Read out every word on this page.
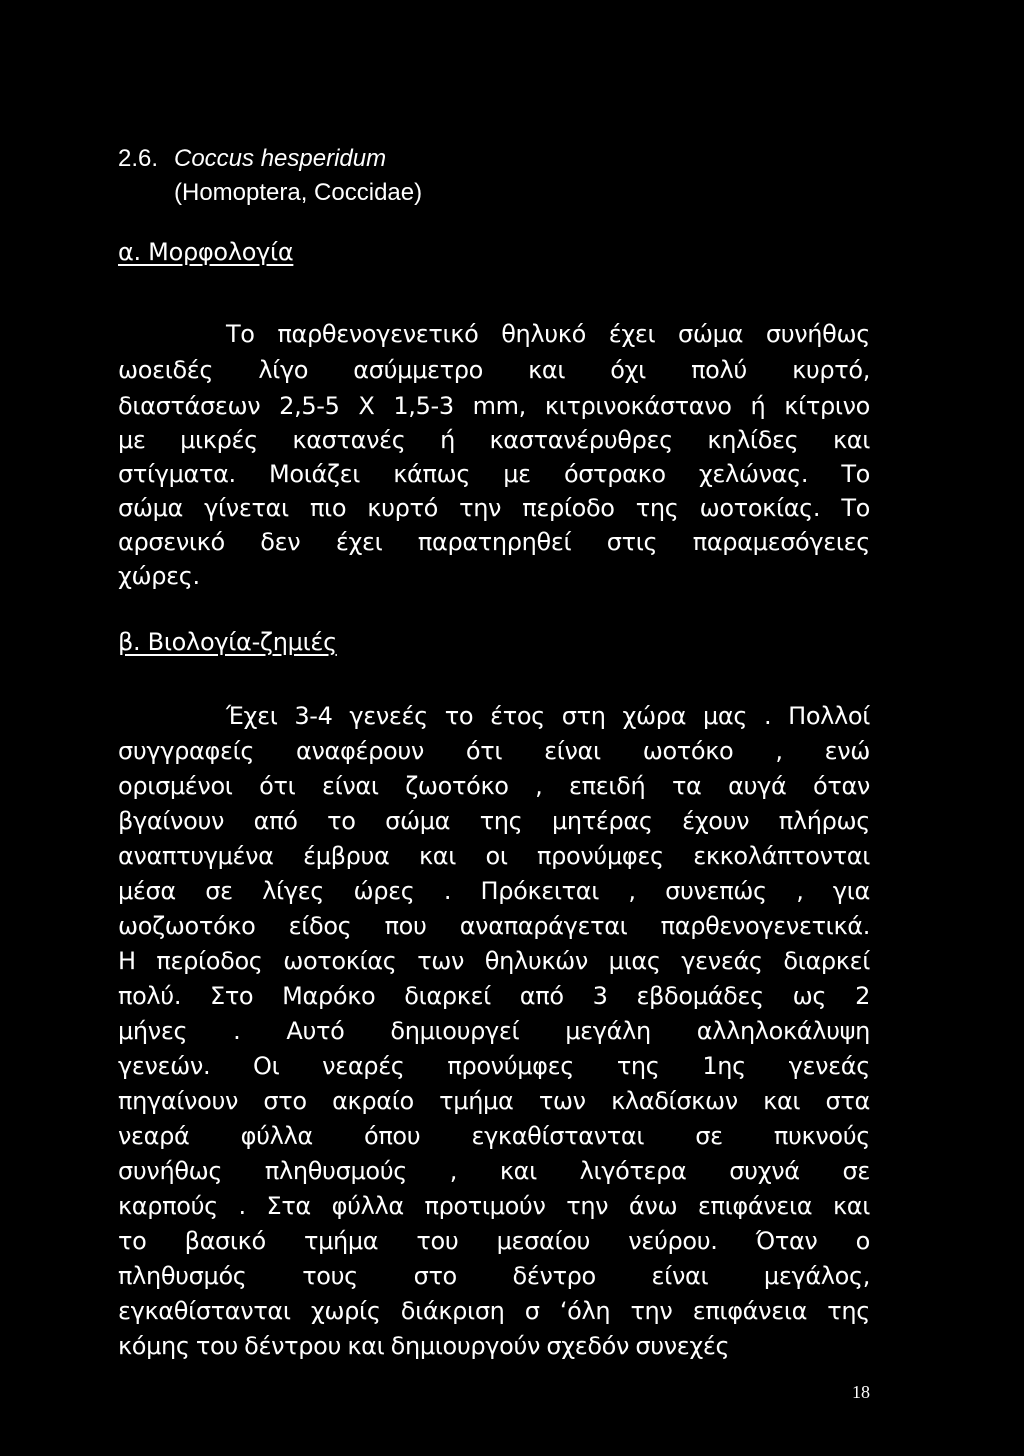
2.6. Coccus hesperidum
(Homoptera, Coccidae)
α. Μορφολογία
Το παρθενογενετικό θηλυκό έχει σώμα συνήθως
ωοειδές λίγο ασύμμετρο και όχι πολύ κυρτό,
διαστάσεων 2,5-5 Χ 1,5-3 mm, κιτρινοκάστανο ή κίτρινο
με μικρές καστανές ή καστανέρυθρες κηλίδες και
στίγματα. Μοιάζει κάπως με όστρακο χελώνας. Το
σώμα γίνεται πιο κυρτό την περίοδο της ωοτοκίας. Το
αρσενικό δεν έχει παρατηρηθεί στις παραμεσόγειες
χώρες.
β. Βιολογία-ζημιές
Έχει 3-4 γενεές το έτος στη χώρα μας . Πολλοί
συγγραφείς αναφέρουν ότι είναι ωοτόκο , ενώ
ορισμένοι ότι είναι ζωοτόκο , επειδή τα αυγά όταν
βγαίνουν από το σώμα της μητέρας έχουν πλήρως
αναπτυγμένα έμβρυα και οι προνύμφες εκκολάπτονται
μέσα σε λίγες ώρες . Πρόκειται , συνεπώς , για
ωοζωοτόκο είδος που αναπαράγεται παρθενογενετικά.
Η περίοδος ωοτοκίας των θηλυκών μιας γενεάς διαρκεί
πολύ. Στο Μαρόκο διαρκεί από 3 εβδομάδες ως 2
μήνες . Αυτό δημιουργεί μεγάλη αλληλοκάλυψη
γενεών. Οι νεαρές προνύμφες της 1ης γενεάς
πηγαίνουν στο ακραίο τμήμα των κλαδίσκων και στα
νεαρά φύλλα όπου εγκαθίστανται σε πυκνούς
συνήθως πληθυσμούς , και λιγότερα συχνά σε
καρπούς . Στα φύλλα προτιμούν την άνω επιφάνεια και
το βασικό τμήμα του μεσαίου νεύρου. Όταν ο
πληθυσμός τους στο δέντρο είναι μεγάλος,
εγκαθίστανται χωρίς διάκριση σ ‘όλη την επιφάνεια της
κόμης του δέντρου και δημιουργούν σχεδόν συνεχές
18
